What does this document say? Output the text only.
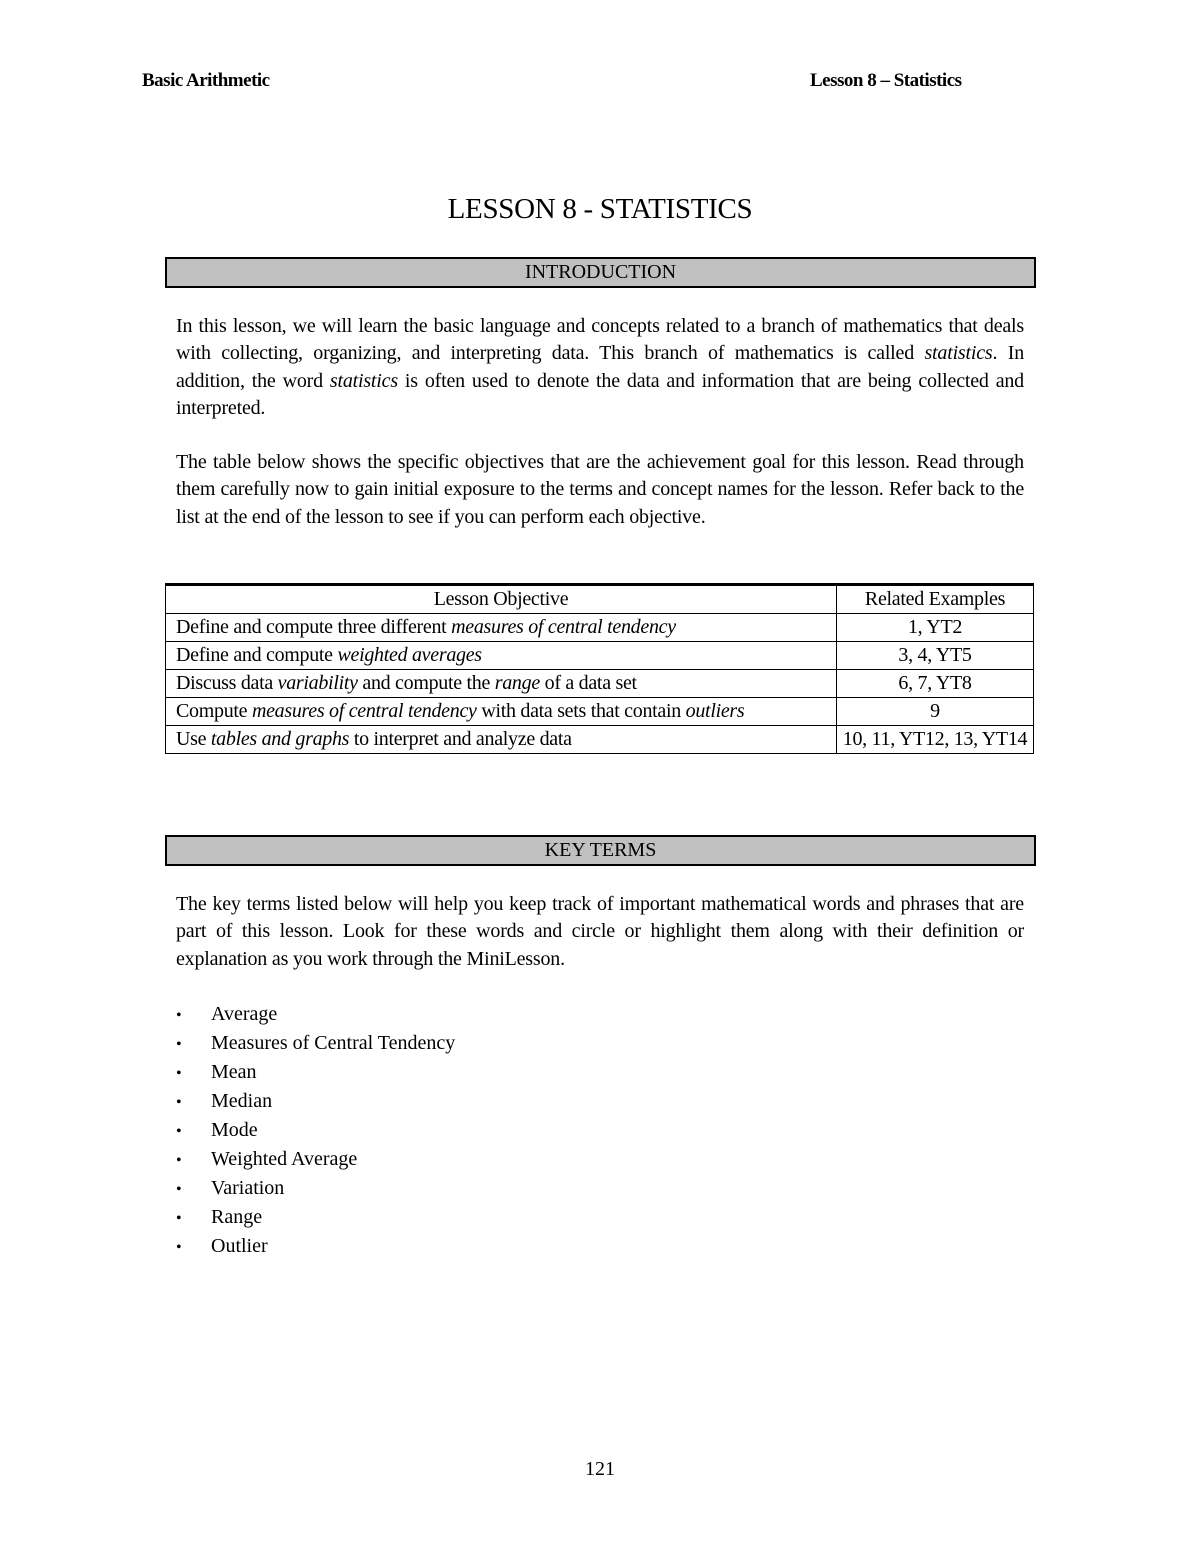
Basic Arithmetic	Lesson 8 – Statistics
LESSON 8 - STATISTICS
INTRODUCTION
In this lesson, we will learn the basic language and concepts related to a branch of mathematics that deals with collecting, organizing, and interpreting data. This branch of mathematics is called statistics. In addition, the word statistics is often used to denote the data and information that are being collected and interpreted.
The table below shows the specific objectives that are the achievement goal for this lesson. Read through them carefully now to gain initial exposure to the terms and concept names for the lesson. Refer back to the list at the end of the lesson to see if you can perform each objective.
Lesson Objective	Related Examples
Define and compute three different measures of central tendency	1, YT2
Define and compute weighted averages	3, 4, YT5
Discuss data variability and compute the range of a data set	6, 7, YT8
Compute measures of central tendency with data sets that contain outliers	9
Use tables and graphs to interpret and analyze data	10, 11, YT12, 13, YT14
KEY TERMS
The key terms listed below will help you keep track of important mathematical words and phrases that are part of this lesson. Look for these words and circle or highlight them along with their definition or explanation as you work through the MiniLesson.
• Average
• Measures of Central Tendency
• Mean
• Median
• Mode
• Weighted Average
• Variation
• Range
• Outlier
121
